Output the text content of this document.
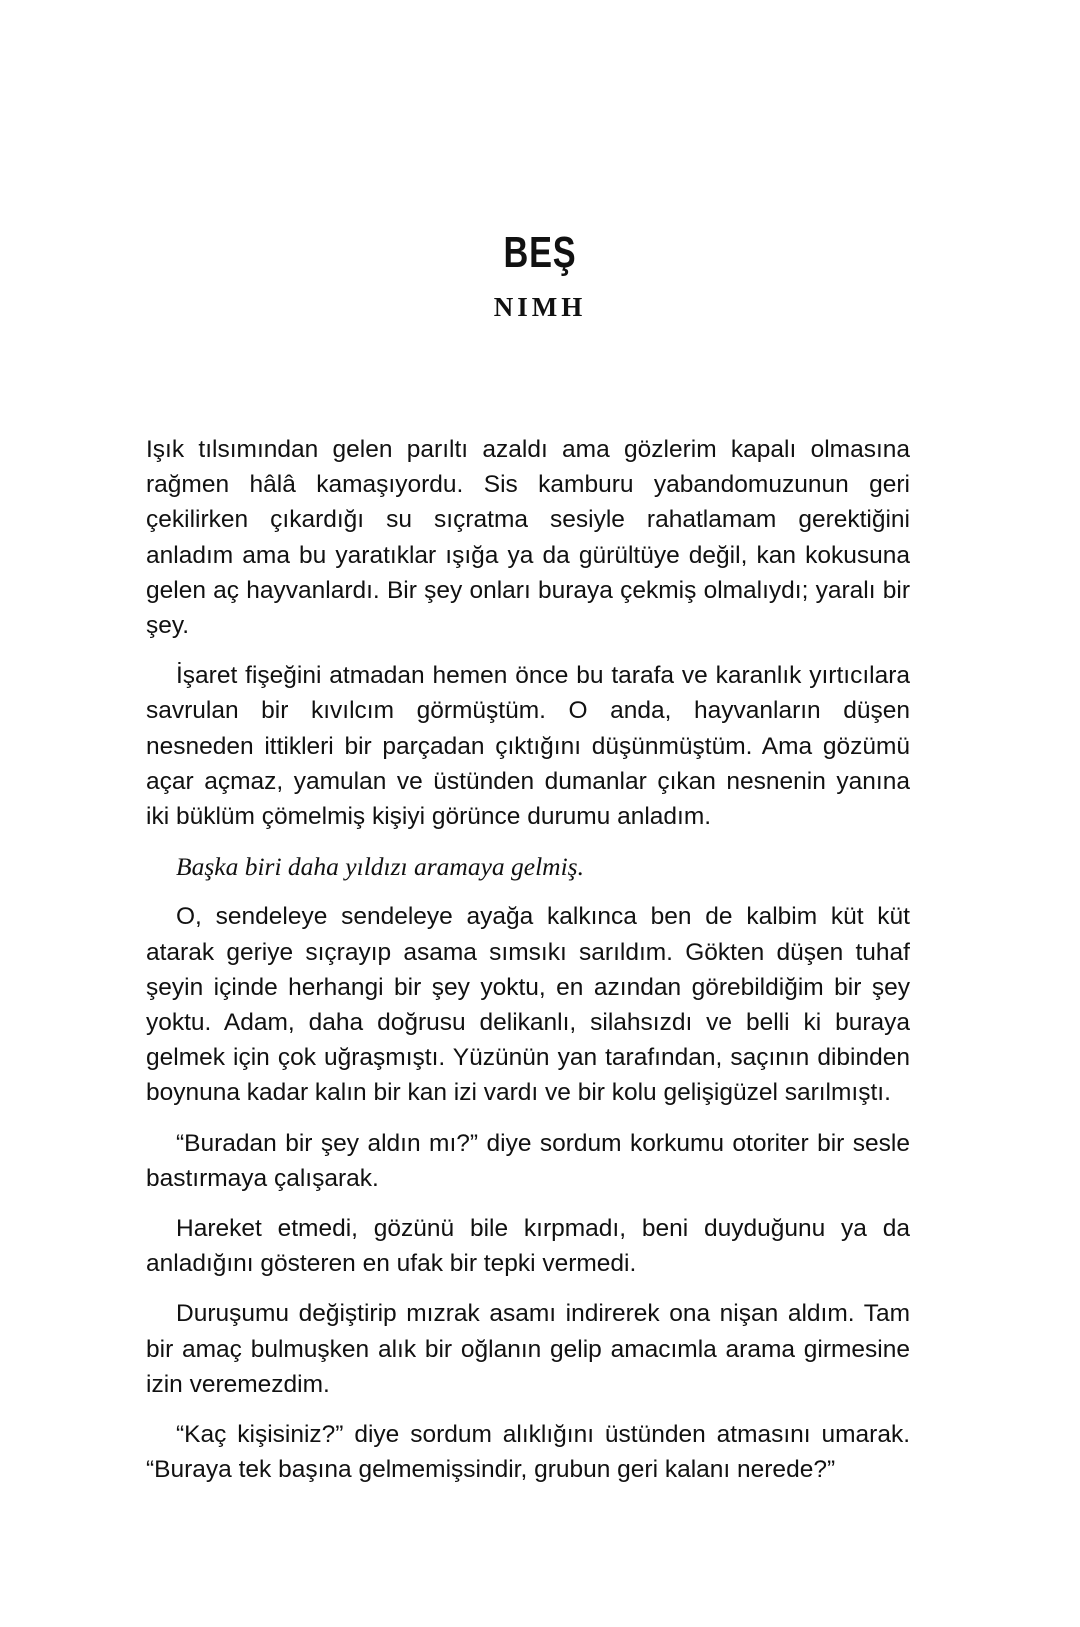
BEŞ
NIMH

Işık tılsımından gelen parıltı azaldı ama gözlerim kapalı olmasına rağmen hâlâ kamaşıyordu. Sis kamburu yabandomuzunun geri çekilirken çıkardığı su sıçratma sesiyle rahatlamam gerektiğini anladım ama bu yaratıklar ışığa ya da gürültüye değil, kan kokusuna gelen aç hayvanlardı. Bir şey onları buraya çekmiş olmalıydı; yaralı bir şey.

İşaret fişeğini atmadan hemen önce bu tarafa ve karanlık yırtıcılara savrulan bir kıvılcım görmüştüm. O anda, hayvanların düşen nesneden ittikleri bir parçadan çıktığını düşünmüştüm. Ama gözümü açar açmaz, yamulan ve üstünden dumanlar çıkan nesnenin yanına iki büklüm çömelmiş kişiyi görünce durumu anladım.

Başka biri daha yıldızı aramaya gelmiş.

O, sendeleye sendeleye ayağa kalkınca ben de kalbim küt küt atarak geriye sıçrayıp asama sımsıkı sarıldım. Gökten düşen tuhaf şeyin içinde herhangi bir şey yoktu, en azından görebildiğim bir şey yoktu. Adam, daha doğrusu delikanlı, silahsızdı ve belli ki buraya gelmek için çok uğraşmıştı. Yüzünün yan tarafından, saçının dibinden boynuna kadar kalın bir kan izi vardı ve bir kolu gelişigüzel sarılmıştı.

“Buradan bir şey aldın mı?” diye sordum korkumu otoriter bir sesle bastırmaya çalışarak.

Hareket etmedi, gözünü bile kırpmadı, beni duyduğunu ya da anladığını gösteren en ufak bir tepki vermedi.

Duruşumu değiştirip mızrak asamı indirerek ona nişan aldım. Tam bir amaç bulmuşken alık bir oğlanın gelip amacımla arama girmesine izin veremezdim.

“Kaç kişisiniz?” diye sordum alıklığını üstünden atmasını umarak. “Buraya tek başına gelmemişsindir, grubun geri kalanı nerede?”
